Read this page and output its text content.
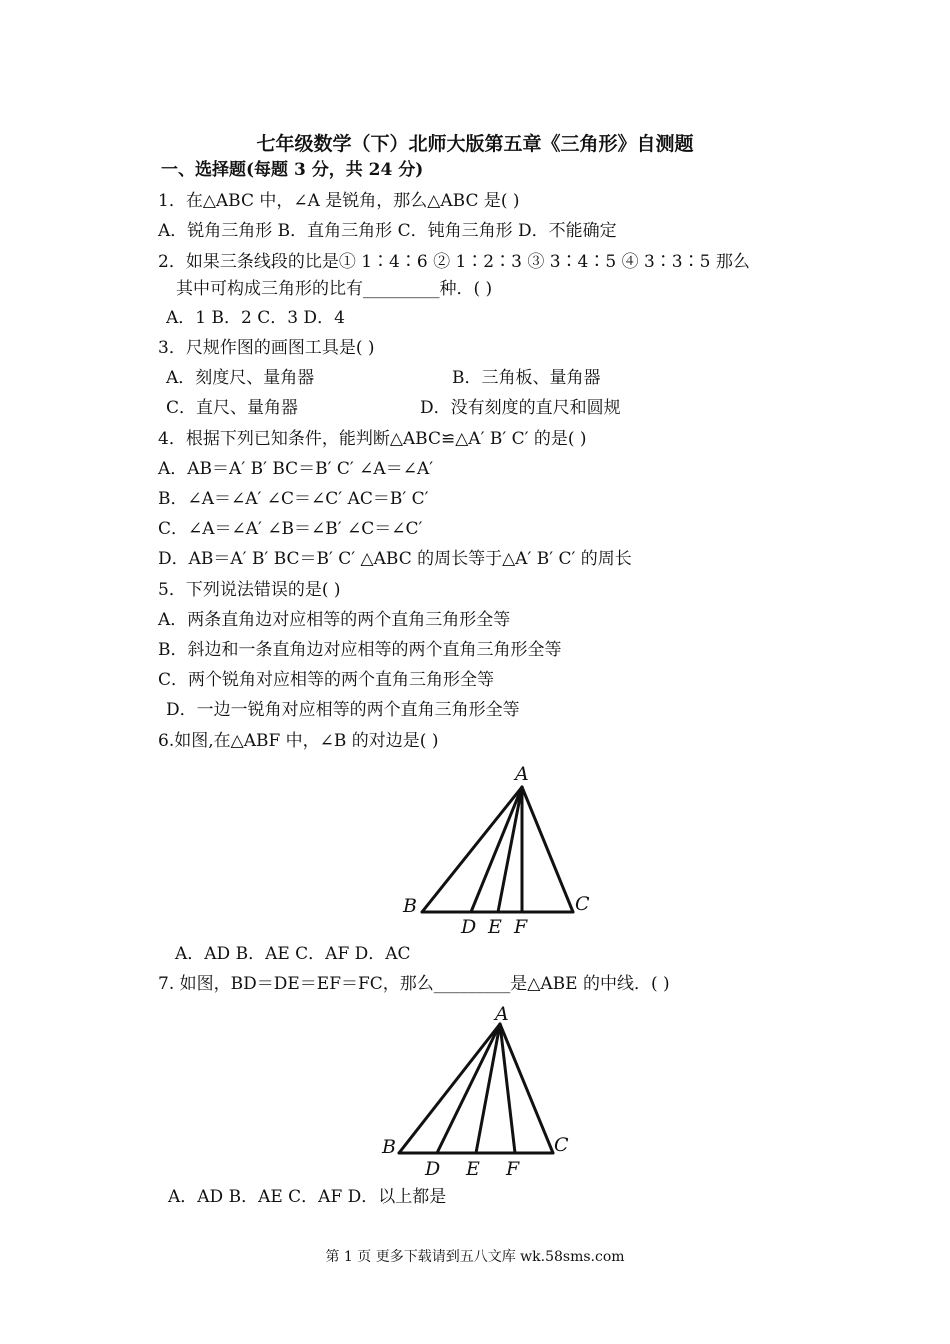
七年级数学（下）北师大版第五章《三角形》自测题
一、选择题(每题 3 分，共 24 分)
1．在△ABC 中，∠A 是锐角，那么△ABC 是( )
A．锐角三角形 B．直角三角形 C．钝角三角形 D．不能确定
2．如果三条线段的比是① 1∶4∶6 ② 1∶2∶3 ③ 3∶4∶5 ④ 3∶3∶5 那么
其中可构成三角形的比有_________种．( )
A．1 B．2 C．3 D．4
3．尺规作图的画图工具是( )
A．刻度尺、量角器	B．三角板、量角器
C．直尺、量角器	D．没有刻度的直尺和圆规
4．根据下列已知条件，能判断△ABC≌△A′ B′ C′ 的是( )
A．AB＝A′ B′ BC＝B′ C′ ∠A＝∠A′
B．∠A＝∠A′ ∠C＝∠C′ AC＝B′ C′
C．∠A＝∠A′ ∠B＝∠B′ ∠C＝∠C′
D．AB＝A′ B′ BC＝B′ C′ △ABC 的周长等于△A′ B′ C′ 的周长
5．下列说法错误的是( )
A．两条直角边对应相等的两个直角三角形全等
B．斜边和一条直角边对应相等的两个直角三角形全等
C．两个锐角对应相等的两个直角三角形全等
D．一边一锐角对应相等的两个直角三角形全等
6.如图,在△ABF 中，∠B 的对边是( )
A
B	C
D E F
A．AD B．AE C．AF D．AC
7. 如图，BD＝DE＝EF＝FC，那么_________是△ABE 的中线．( )
A
B	C
D E F
A．AD B．AE C．AF D．以上都是
第 1 页 更多下载请到五八文库 wk.58sms.com
